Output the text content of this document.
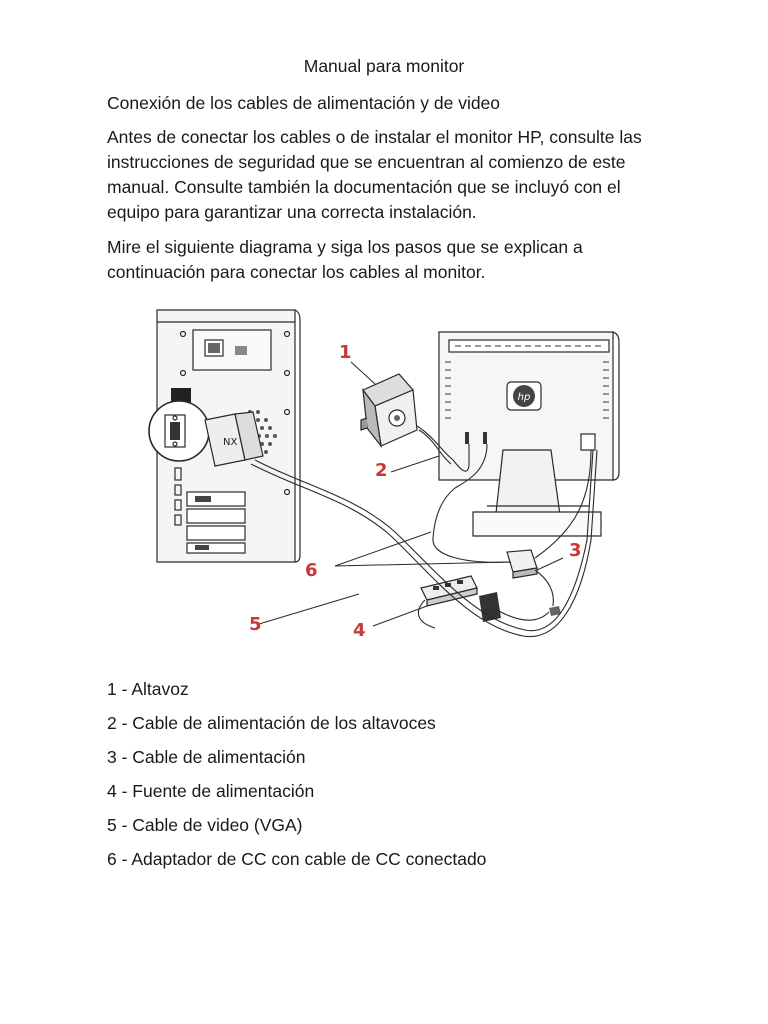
Manual para monitor
Conexión de los cables de alimentación y de video
Antes de conectar los cables o de instalar el monitor HP, consulte las instrucciones de seguridad que se encuentran al comienzo de este manual. Consulte también la documentación que se incluyó con el equipo para garantizar una correcta instalación.
Mire el siguiente diagrama y siga los pasos que se explican a continuación para conectar los cables al monitor.
NX
hp
1
2
3
4
5
6
1 - Altavoz
2 - Cable de alimentación de los altavoces
3 - Cable de alimentación
4 - Fuente de alimentación
5 - Cable de video (VGA)
6 - Adaptador de CC con cable de CC conectado
